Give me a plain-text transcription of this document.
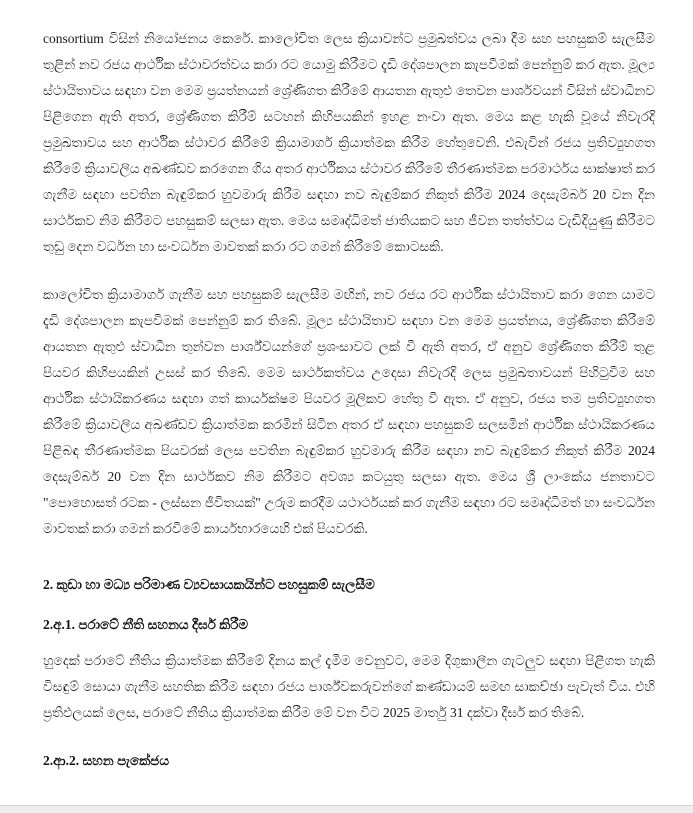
consortium විසින් නියෝජනය කෙරේ. කාලෝචිත ලෙස ක්‍රියාවන්ට ප්‍රමුඛත්වය ලබා දීම සහ පහසුකම් සැලසීම තුළින් නව රජය ආර්ථික ස්ථාවරත්වය කරා රට යොමු කිරීමට දැඩි දේශපාලන කැපවීමක් පෙන්නුම් කර ඇත. මූල්‍ය ස්ථායිතාවය සඳහා වන මෙම ප්‍රයත්නයන් ශ්‍රේණිගත කිරීමේ ආයතන ඇතුළු තෙවන පාර්ශවයන් විසින් ස්වාධීනව පිළිගෙන ඇති අතර, ශ්‍රේණිගත කිරීම් සටහන් කිහිපයකින් ඉහළ නංවා ඇත. මෙය කළ හැකි වූයේ නිවැරදි ප්‍රමුඛතාවය සහ ආර්ථික ස්ථාවර කිරීමේ ක්‍රියාමාර්ග ක්‍රියාත්මක කිරීම හේතුවෙනි. එබැවින් රජය ප්‍රතිව්‍යුහගත කිරීමේ ක්‍රියාවලිය අඛණ්ඩව කරගෙන ගිය අතර ආර්ථිකය ස්ථාවර කිරීමේ තීරණාත්මක පරමාර්ථය සාක්ෂාත් කර ගැනීම සඳහා පවතින බැඳුම්කර හුවමාරු කිරීම සඳහා නව බැඳුම්කර නිකුත් කිරීම 2024 දෙසැම්බර් 20 වන දින සාර්ථකව නිම කිරීමට පහසුකම් සලසා ඇත. මෙය සමෘද්ධිමත් ජාතියකට සහ ජීවන තත්ත්වය වැඩිදියුණු කිරීමට තුඩු දෙන වර්ධන හා සංවර්ධන මාවතක් කරා රට ගමන් කිරීමේ කොටසකි.

කාලෝචිත ක්‍රියාමාර්ග ගැනීම සහ පහසුකම් සැලසීම මඟින්, නව රජය රට ආර්ථික ස්ථායිතාව කරා ගෙන යාමට දැඩි දේශපාලන කැපවීමක් පෙන්නුම් කර තිබේ. මූල්‍ය ස්ථායිතාව සඳහා වන මෙම ප්‍රයත්නය, ශ්‍රේණිගත කිරීමේ ආයතන ඇතුළු ස්වාධීන තුන්වන පාර්ශ්වයන්ගේ ප්‍රශංසාවට ලක් වී ඇති අතර, ඒ අනුව ශ්‍රේණිගත කිරීම් තුළ පියවර කිහිපයකින් උසස් කර තිබේ. මෙම සාර්ථකත්වය උදෙසා නිවැරදි ලෙස ප්‍රමුඛතාවයන් පිහිටුවීම සහ ආර්ථික ස්ථායිකරණය සඳහා ගත් කාර්යක්ෂම පියවර මූලිකව හේතු වී ඇත. ඒ අනුව, රජය තම ප්‍රතිව්‍යුහගත කිරීමේ ක්‍රියාවලිය අඛණ්ඩව ක්‍රියාත්මක කරමින් සිටින අතර ඒ සඳහා පහසුකම් සලසමින් ආර්ථික ස්ථායිකරණය පිළිබඳ තීරණාත්මක පියවරක් ලෙස පවතින බැඳුම්කර හුවමාරු කිරීම සඳහා නව බැඳුම්කර නිකුත් කිරීම 2024 දෙසැම්බර් 20 වන දින සාර්ථකව නිම කිරීමට අවශ්‍ය කටයුතු සලසා ඇත. මෙය ශ්‍රී ලාංකේය ජනතාවට "පොහොසත් රටක - ලස්සන ජීවිතයක්" උරුම කරදීම යථාර්ථයක් කර ගැනීම සඳහා රට සමෘද්ධිමත් හා සංවර්ධන මාවතක් කරා ගමන් කරවීමේ කාර්යභාරයෙහි එක් පියවරකි.

2. කුඩා හා මධ්‍ය පරිමාණ ව්‍යවසායකයින්ට පහසුකම් සැලසීම

2.අ.1. පරාටේ නීති සහනය දීර්ඝ කිරීම

හුදෙක් පරාටේ නීතිය ක්‍රියාත්මක කිරීමේ දිනය කල් දැමීම වෙනුවට, මෙම දිගුකාලීන ගැටලුව සඳහා පිළිගත හැකි විසඳුම් සොයා ගැනීම සහතික කිරීම සඳහා රජය පාර්ශ්වකරුවන්ගේ කණ්ඩායම් සමඟ සාකච්ඡා පැවැත් වීය. එහි ප්‍රතිඵලයක් ලෙස, පරාටේ නීතිය ක්‍රියාත්මක කිරීම මේ වන විට 2025 මාර්තු 31 දක්වා දීර්ඝ කර තිබේ.

2.ආ.2. සහන පැකේජය
